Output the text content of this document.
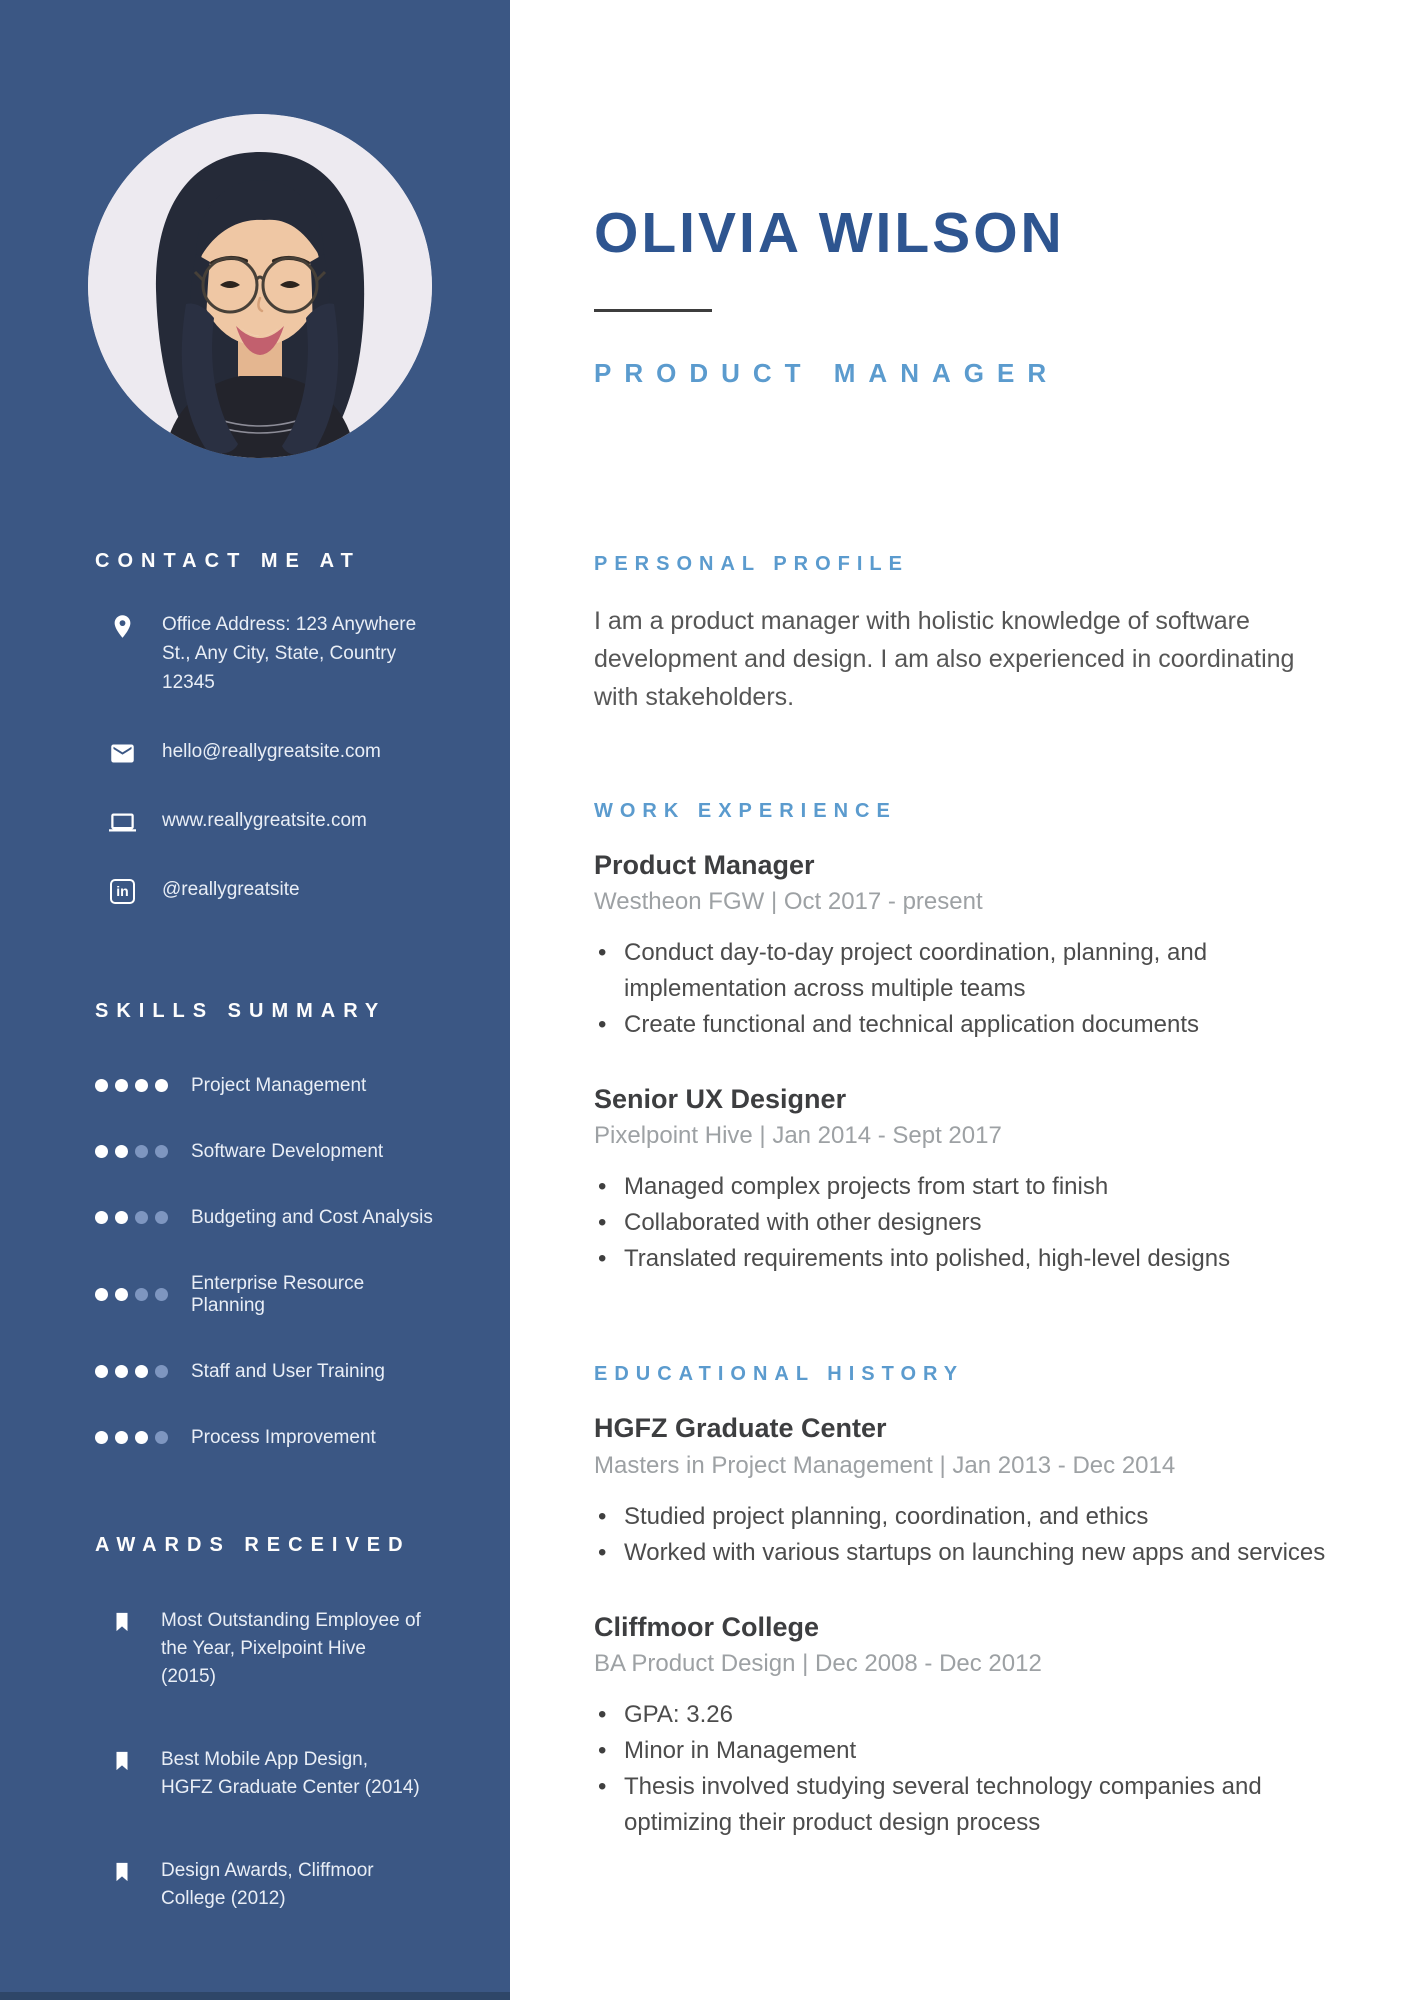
CONTACT ME AT
Office Address: 123 Anywhere St., Any City, State, Country 12345
hello@reallygreatsite.com
www.reallygreatsite.com
in	@reallygreatsite
SKILLS SUMMARY
Project Management
Software Development
Budgeting and Cost Analysis
Enterprise Resource Planning
Staff and User Training
Process Improvement
AWARDS RECEIVED
Most Outstanding Employee of the Year, Pixelpoint Hive (2015)
Best Mobile App Design, HGFZ Graduate Center (2014)
Design Awards, Cliffmoor College (2012)
OLIVIA WILSON
PRODUCT MANAGER
PERSONAL PROFILE

I am a product manager with holistic knowledge of software development and design. I am also experienced in coordinating with stakeholders.

WORK EXPERIENCE
Product Manager
Westheon FGW | Oct 2017 - present
• Conduct day-to-day project coordination, planning, and implementation across multiple teams
• Create functional and technical application documents
Senior UX Designer
Pixelpoint Hive | Jan 2014 - Sept 2017
• Managed complex projects from start to finish
• Collaborated with other designers
• Translated requirements into polished, high-level designs
EDUCATIONAL HISTORY
HGFZ Graduate Center
Masters in Project Management | Jan 2013 - Dec 2014
• Studied project planning, coordination, and ethics
• Worked with various startups on launching new apps and services
Cliffmoor College
BA Product Design | Dec 2008 - Dec 2012
• GPA: 3.26
• Minor in Management
• Thesis involved studying several technology companies and optimizing their product design process
